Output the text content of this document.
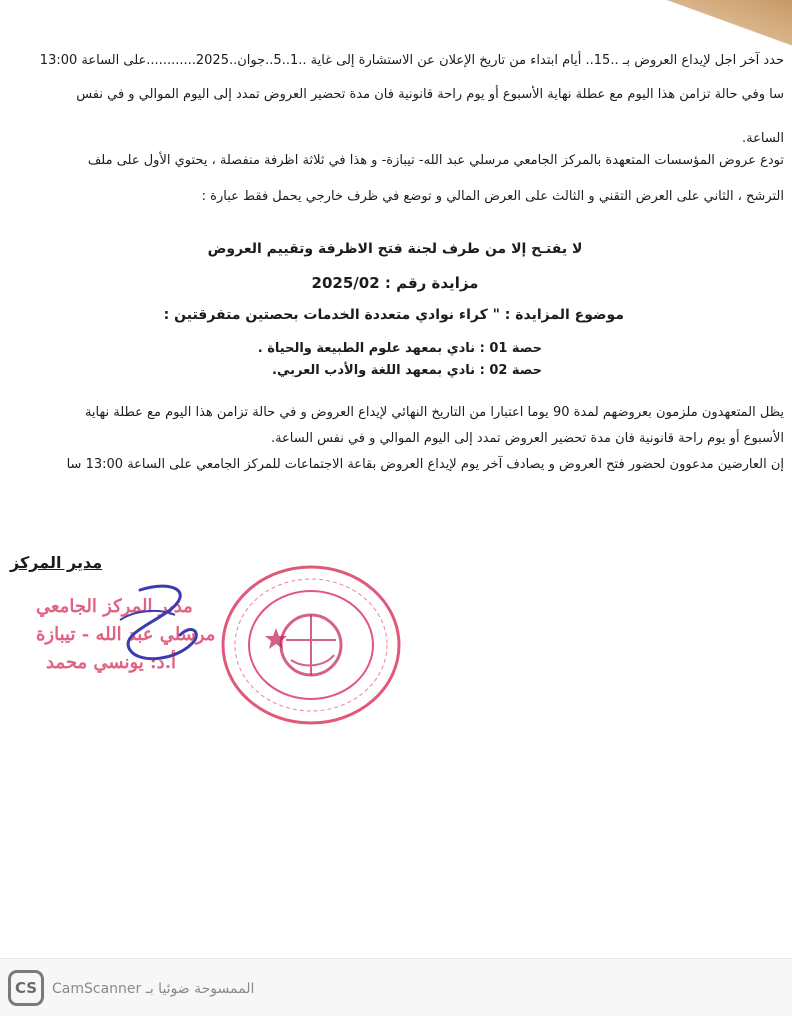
حدد آخر اجل لإيداع العروض بـ ..15.. أيام ابتداء من تاريخ الإعلان عن الاستشارة إلى غاية ..1..5..جوان..2025............على الساعة 13:00
سا وفي حالة تزامن هذا اليوم مع عطلة نهاية الأسبوع أو يوم راحة قانونية فان مدة تحضير العروض تمدد إلى اليوم الموالي و في نفس
الساعة.
تودع عروض المؤسسات المتعهدة بالمركز الجامعي مرسلي عبد الله- تيبازة- و هذا في ثلاثة اظرفة منفصلة ، يحتوي الأول على ملف
الترشح ، الثاني على العرض التقني و الثالث على العرض المالي و توضع في ظرف خارجي يحمل فقط عبارة :
لا يفتـح إلا من طرف لجنة فتح الاظرفة وتقييم العروض
مزايدة رقم : 2025/02
موضوع المزايدة : " كراء نوادي متعددة الخدمات بحصتين متفرقتين :
حصة 01 : نادي بمعهد علوم الطبيعة والحياة .
حصة 02 : نادي بمعهد اللغة والأدب العربي.
يظل المتعهدون ملزمون بعروضهم لمدة 90 يوما اعتبارا من التاريخ النهائي لإيداع العروض و في حالة تزامن هذا اليوم مع عطلة نهاية
الأسبوع أو يوم راحة قانونية فان مدة تحضير العروض تمدد إلى اليوم الموالي و في نفس الساعة.
إن العارضين مدعوون لحضور فتح العروض و يصادف آخر يوم لإيداع العروض بقاعة الاجتماعات للمركز الجامعي على الساعة 13:00 سا
مدير المركز
مدير المركز الجامعي
مرسلي عبد الله - تيبازة
أ.د: يونسي محمد
CS	الممسوحة ضوئيا بـ CamScanner
